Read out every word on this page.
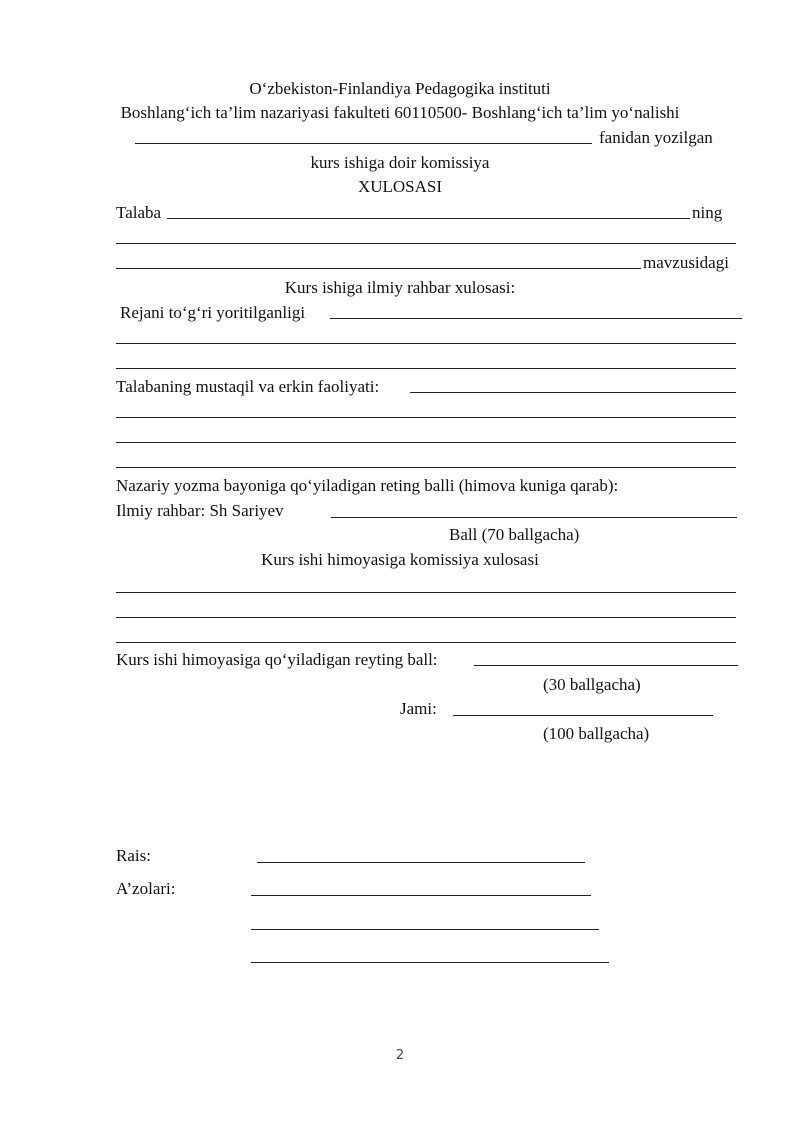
O‘zbekiston-Finlandiya Pedagogika instituti
Boshlang‘ich ta’lim nazariyasi fakulteti 60110500- Boshlang‘ich ta’lim yo‘nalishi
fanidan yozilgan
kurs ishiga doir komissiya
XULOSASI
Talaba	ning
mavzusidagi
Kurs ishiga ilmiy rahbar xulosasi:
Rejani to‘g‘ri yoritilganligi
Talabaning mustaqil va erkin faoliyati:
Nazariy yozma bayoniga qo‘yiladigan reting balli (himova kuniga qarab):
Ilmiy rahbar: Sh Sariyev
Ball (70 ballgacha)
Kurs ishi himoyasiga komissiya xulosasi
Kurs ishi himoyasiga qo‘yiladigan reyting ball:
(30 ballgacha)
Jami:
(100 ballgacha)
Rais:
A’zolari:
2
